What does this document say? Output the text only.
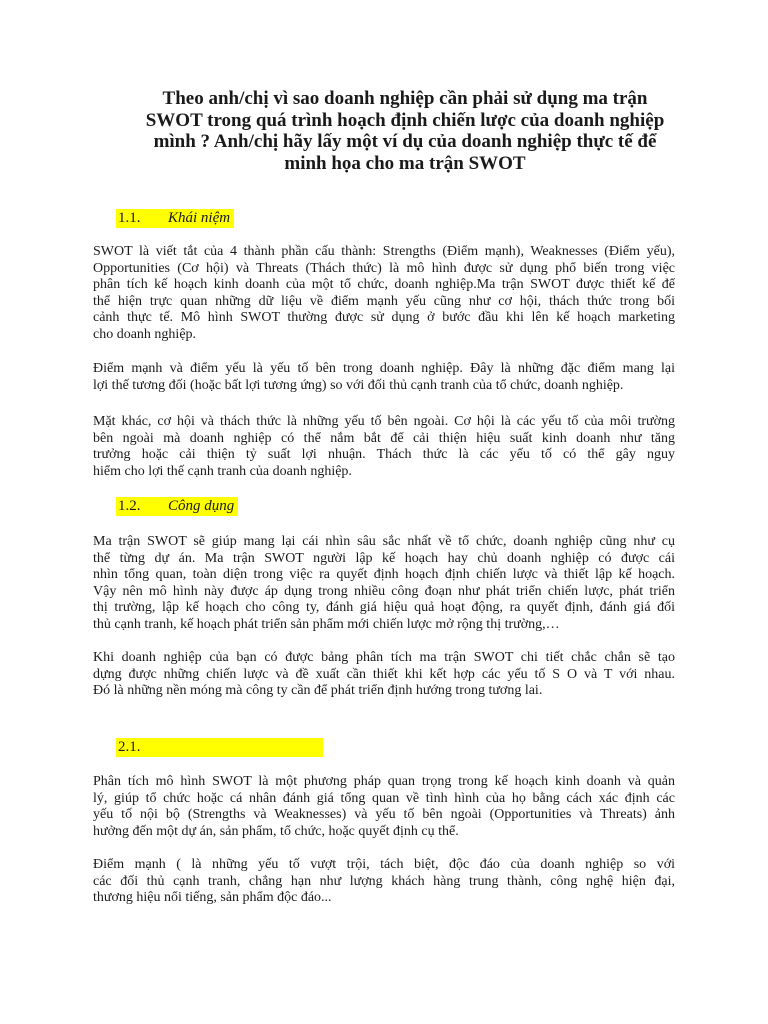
Theo anh/chị vì sao doanh nghiệp cần phải sử dụng ma trận
SWOT trong quá trình hoạch định chiến lược của doanh nghiệp
mình ? Anh/chị hãy lấy một ví dụ của doanh nghiệp thực tế để
minh họa cho ma trận SWOT
1.1. Khái niệm
SWOT là viết tắt của 4 thành phần cấu thành: Strengths (Điểm mạnh), Weaknesses (Điểm yếu),
Opportunities (Cơ hội) và Threats (Thách thức) là mô hình được sử dụng phổ biến trong việc
phân tích kế hoạch kinh doanh của một tổ chức, doanh nghiệp.Ma trận SWOT được thiết kế để
thể hiện trực quan những dữ liệu về điểm mạnh yếu cũng như cơ hội, thách thức trong bối
cảnh thực tế. Mô hình SWOT thường được sử dụng ở bước đầu khi lên kế hoạch marketing
cho doanh nghiệp.
Điểm mạnh và điểm yếu là yếu tố bên trong doanh nghiệp. Đây là những đặc điểm mang lại
lợi thế tương đối (hoặc bất lợi tương ứng) so với đối thủ cạnh tranh của tổ chức, doanh nghiệp.
Mặt khác, cơ hội và thách thức là những yếu tố bên ngoài. Cơ hội là các yếu tố của môi trường
bên ngoài mà doanh nghiệp có thể nắm bắt để cải thiện hiệu suất kinh doanh như tăng
trưởng hoặc cải thiện tỷ suất lợi nhuận. Thách thức là các yếu tố có thể gây nguy
hiểm cho lợi thế cạnh tranh của doanh nghiệp.
1.2. Công dụng
Ma trận SWOT sẽ giúp mang lại cái nhìn sâu sắc nhất về tổ chức, doanh nghiệp cũng như cụ
thể từng dự án. Ma trận SWOT người lập kế hoạch hay chủ doanh nghiệp có được cái
nhìn tổng quan, toàn diện trong việc ra quyết định hoạch định chiến lược và thiết lập kế hoạch.
Vậy nên mô hình này được áp dụng trong nhiều công đoạn như phát triển chiến lược, phát triển
thị trường, lập kế hoạch cho công ty, đánh giá hiệu quả hoạt động, ra quyết định, đánh giá đối
thủ cạnh tranh, kế hoạch phát triển sản phẩm mới chiến lược mở rộng thị trường,…
Khi doanh nghiệp của bạn có được bảng phân tích ma trận SWOT chi tiết chắc chắn sẽ tạo
dựng được những chiến lược và đề xuất cần thiết khi kết hợp các yếu tố S O và T với nhau.
Đó là những nền móng mà công ty cần để phát triển định hướng trong tương lai.
2.1.
Phân tích mô hình SWOT là một phương pháp quan trọng trong kế hoạch kinh doanh và quản
lý, giúp tổ chức hoặc cá nhân đánh giá tổng quan về tình hình của họ bằng cách xác định các
yếu tố nội bộ (Strengths và Weaknesses) và yếu tố bên ngoài (Opportunities và Threats) ảnh
hưởng đến một dự án, sản phẩm, tổ chức, hoặc quyết định cụ thể.
Điểm mạnh ( là những yếu tố vượt trội, tách biệt, độc đáo của doanh nghiệp so với
các đối thủ cạnh tranh, chẳng hạn như lượng khách hàng trung thành, công nghệ hiện đại,
thương hiệu nổi tiếng, sản phẩm độc đáo...
